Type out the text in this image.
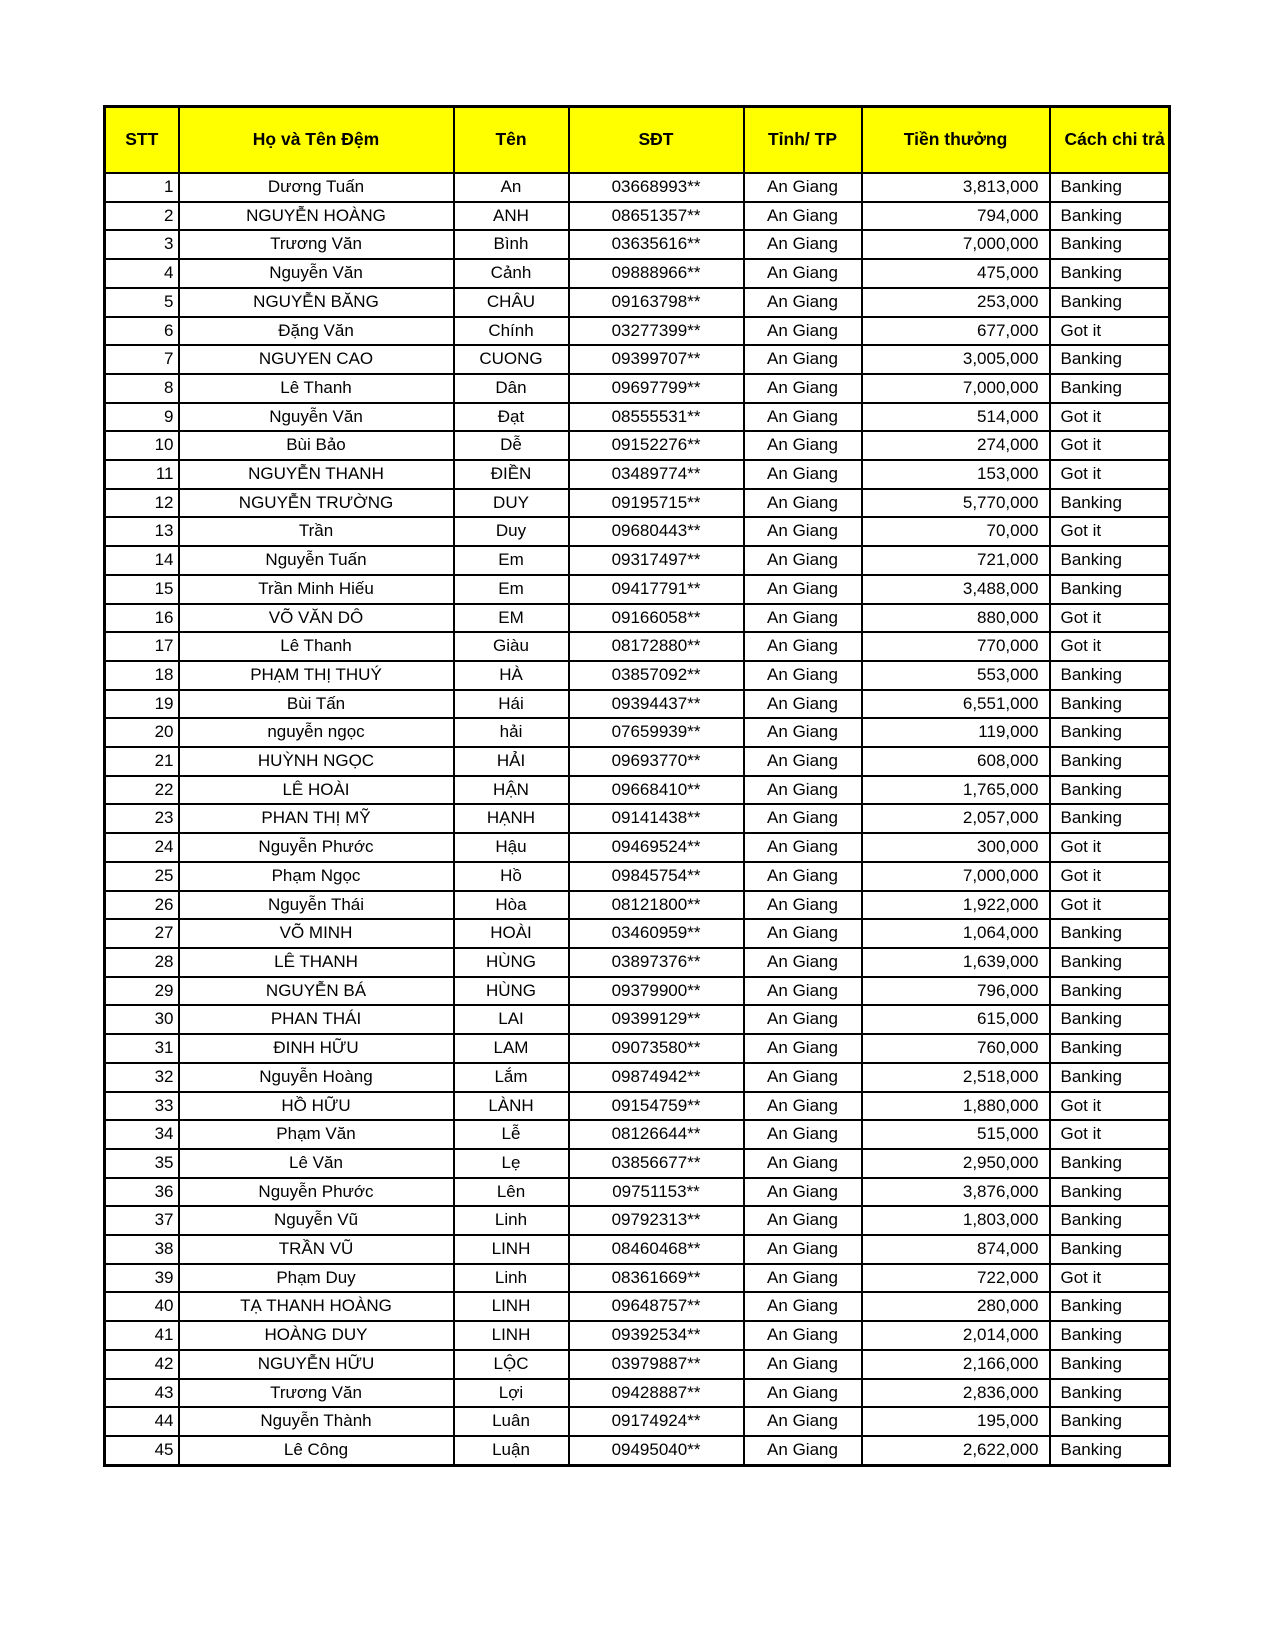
STT	Họ và Tên Đệm	Tên	SĐT	Tỉnh/ TP	Tiền thưởng	Cách chi trả
1	Dương Tuấn	An	03668993**	An Giang	3,813,000	Banking
2	NGUYỄN HOÀNG	ANH	08651357**	An Giang	794,000	Banking
3	Trương Văn	Bình	03635616**	An Giang	7,000,000	Banking
4	Nguyễn Văn	Cảnh	09888966**	An Giang	475,000	Banking
5	NGUYỄN BĂNG	CHÂU	09163798**	An Giang	253,000	Banking
6	Đặng Văn	Chính	03277399**	An Giang	677,000	Got it
7	NGUYEN CAO	CUONG	09399707**	An Giang	3,005,000	Banking
8	Lê Thanh	Dân	09697799**	An Giang	7,000,000	Banking
9	Nguyễn Văn	Đạt	08555531**	An Giang	514,000	Got it
10	Bùi Bảo	Dễ	09152276**	An Giang	274,000	Got it
11	NGUYỄN THANH	ĐIỀN	03489774**	An Giang	153,000	Got it
12	NGUYỄN TRƯỜNG	DUY	09195715**	An Giang	5,770,000	Banking
13	Trần	Duy	09680443**	An Giang	70,000	Got it
14	Nguyễn Tuấn	Em	09317497**	An Giang	721,000	Banking
15	Trần Minh Hiếu	Em	09417791**	An Giang	3,488,000	Banking
16	VÕ VĂN DÔ	EM	09166058**	An Giang	880,000	Got it
17	Lê Thanh	Giàu	08172880**	An Giang	770,000	Got it
18	PHẠM THỊ THUÝ	HÀ	03857092**	An Giang	553,000	Banking
19	Bùi Tấn	Hái	09394437**	An Giang	6,551,000	Banking
20	nguyễn ngọc	hải	07659939**	An Giang	119,000	Banking
21	HUỲNH NGỌC	HẢI	09693770**	An Giang	608,000	Banking
22	LÊ HOÀI	HẬN	09668410**	An Giang	1,765,000	Banking
23	PHAN THỊ MỸ	HẠNH	09141438**	An Giang	2,057,000	Banking
24	Nguyễn Phước	Hậu	09469524**	An Giang	300,000	Got it
25	Phạm Ngọc	Hồ	09845754**	An Giang	7,000,000	Got it
26	Nguyễn Thái	Hòa	08121800**	An Giang	1,922,000	Got it
27	VÕ MINH	HOÀI	03460959**	An Giang	1,064,000	Banking
28	LÊ THANH	HÙNG	03897376**	An Giang	1,639,000	Banking
29	NGUYỄN BÁ	HÙNG	09379900**	An Giang	796,000	Banking
30	PHAN THÁI	LAI	09399129**	An Giang	615,000	Banking
31	ĐINH HỮU	LAM	09073580**	An Giang	760,000	Banking
32	Nguyễn Hoàng	Lắm	09874942**	An Giang	2,518,000	Banking
33	HỒ HỮU	LÀNH	09154759**	An Giang	1,880,000	Got it
34	Phạm Văn	Lễ	08126644**	An Giang	515,000	Got it
35	Lê Văn	Lẹ	03856677**	An Giang	2,950,000	Banking
36	Nguyễn Phước	Lên	09751153**	An Giang	3,876,000	Banking
37	Nguyễn Vũ	Linh	09792313**	An Giang	1,803,000	Banking
38	TRẦN VŨ	LINH	08460468**	An Giang	874,000	Banking
39	Phạm Duy	Linh	08361669**	An Giang	722,000	Got it
40	TẠ THANH HOÀNG	LINH	09648757**	An Giang	280,000	Banking
41	HOÀNG DUY	LINH	09392534**	An Giang	2,014,000	Banking
42	NGUYỄN HỮU	LỘC	03979887**	An Giang	2,166,000	Banking
43	Trương Văn	Lợi	09428887**	An Giang	2,836,000	Banking
44	Nguyễn Thành	Luân	09174924**	An Giang	195,000	Banking
45	Lê Công	Luận	09495040**	An Giang	2,622,000	Banking
